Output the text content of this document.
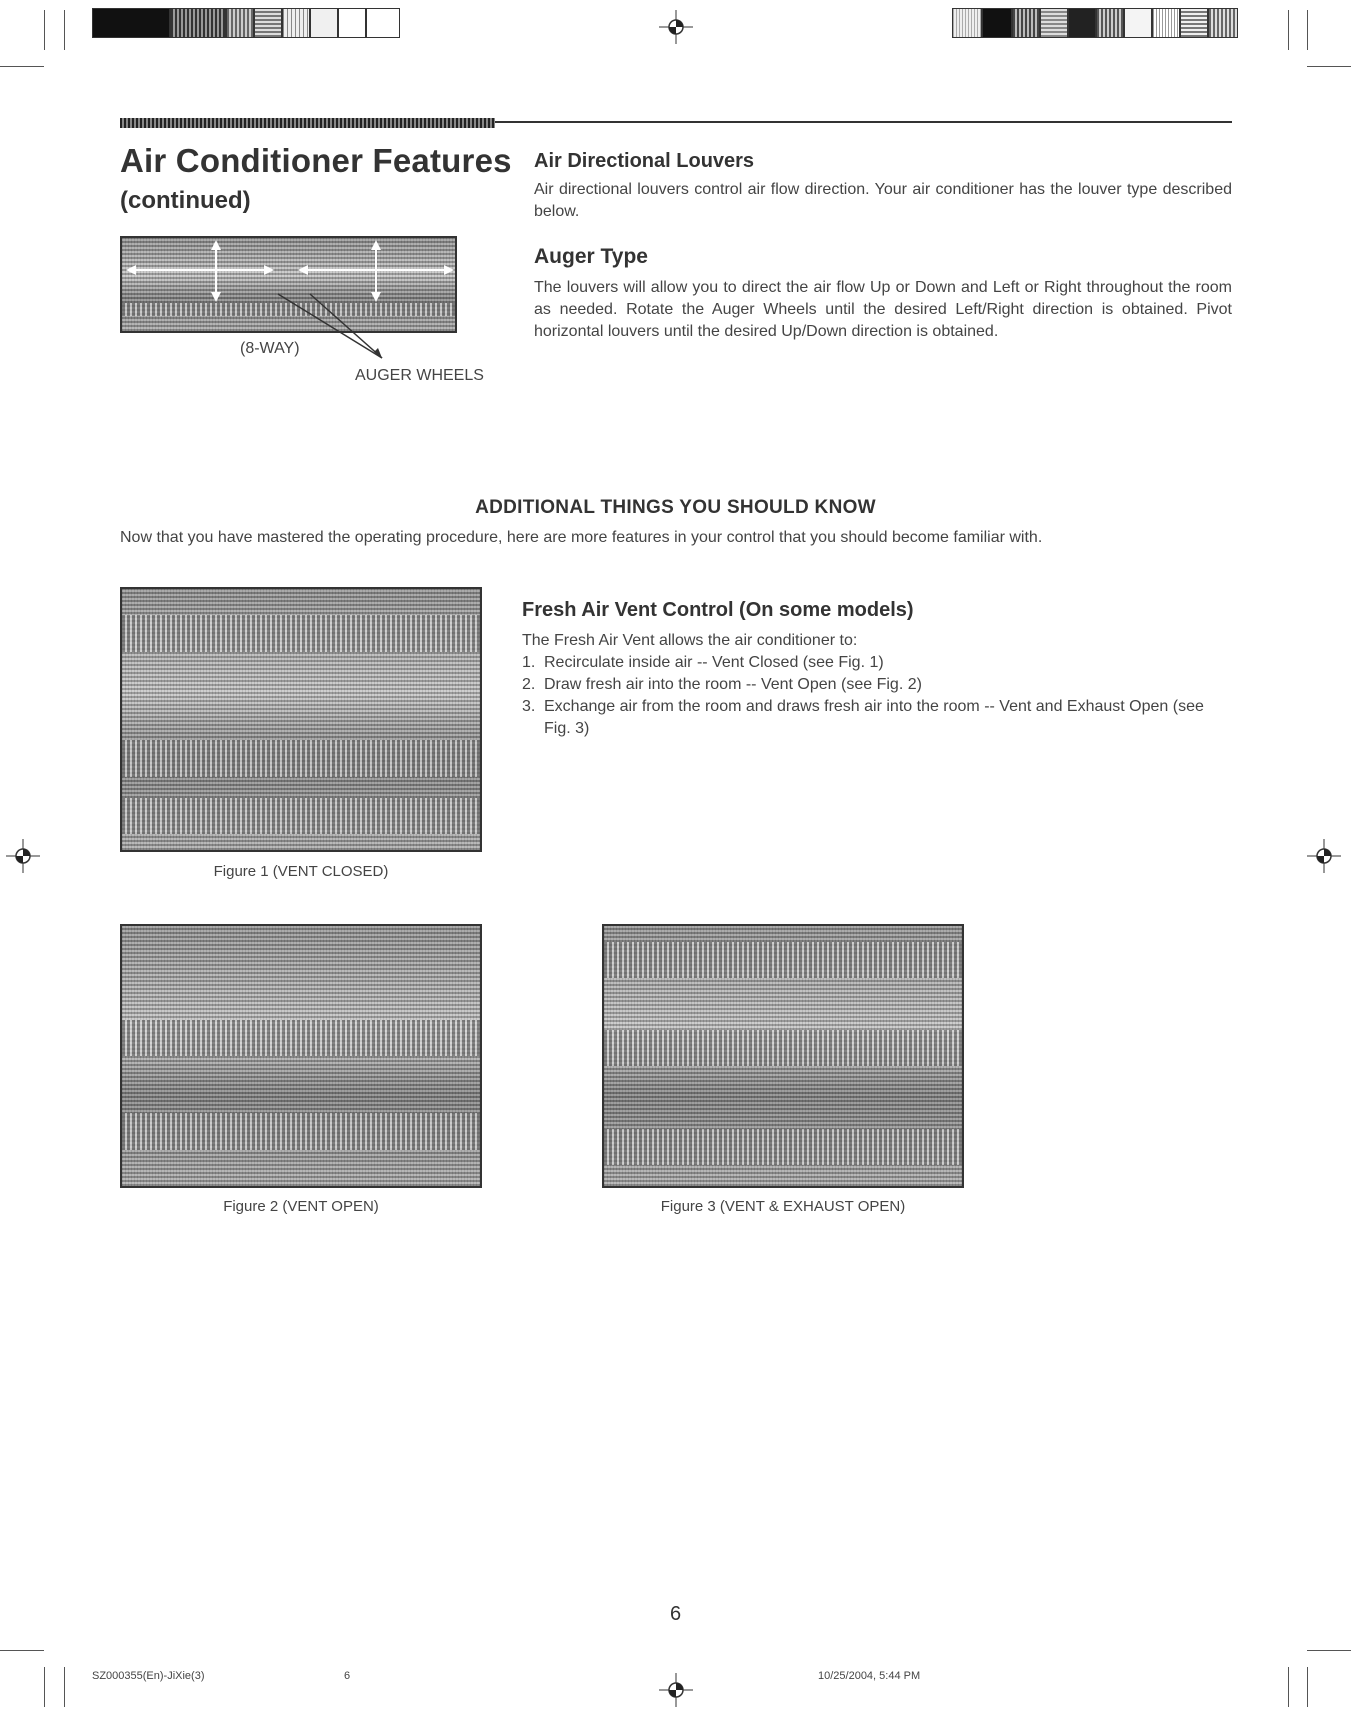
Air Conditioner Features
(continued)

(8-WAY)

AUGER WHEELS

Air Directional Louvers

Air directional louvers control air flow direction. Your air conditioner has the louver type described below.

Auger Type

The louvers will allow you to direct the air flow Up or Down and Left or Right throughout the room as needed. Rotate the Auger Wheels until the desired Left/Right direction is obtained. Pivot horizontal louvers until the desired Up/Down direction is obtained.

ADDITIONAL THINGS YOU SHOULD KNOW

Now that you have mastered the operating procedure, here are more features in your control that you should become familiar with.

Figure 1 (VENT CLOSED)

Fresh Air Vent Control (On some models)

The Fresh Air Vent allows the air conditioner to:

1. Recirculate inside air -- Vent Closed (see Fig. 1)
2. Draw fresh air into the room -- Vent Open (see Fig. 2)
3. Exchange air from the room and draws fresh air into the room -- Vent and Exhaust Open (see Fig. 3)

Figure 2 (VENT OPEN)	Figure 3 (VENT & EXHAUST OPEN)

6

SZ000355(En)-JiXie(3)	6	10/25/2004, 5:44 PM
